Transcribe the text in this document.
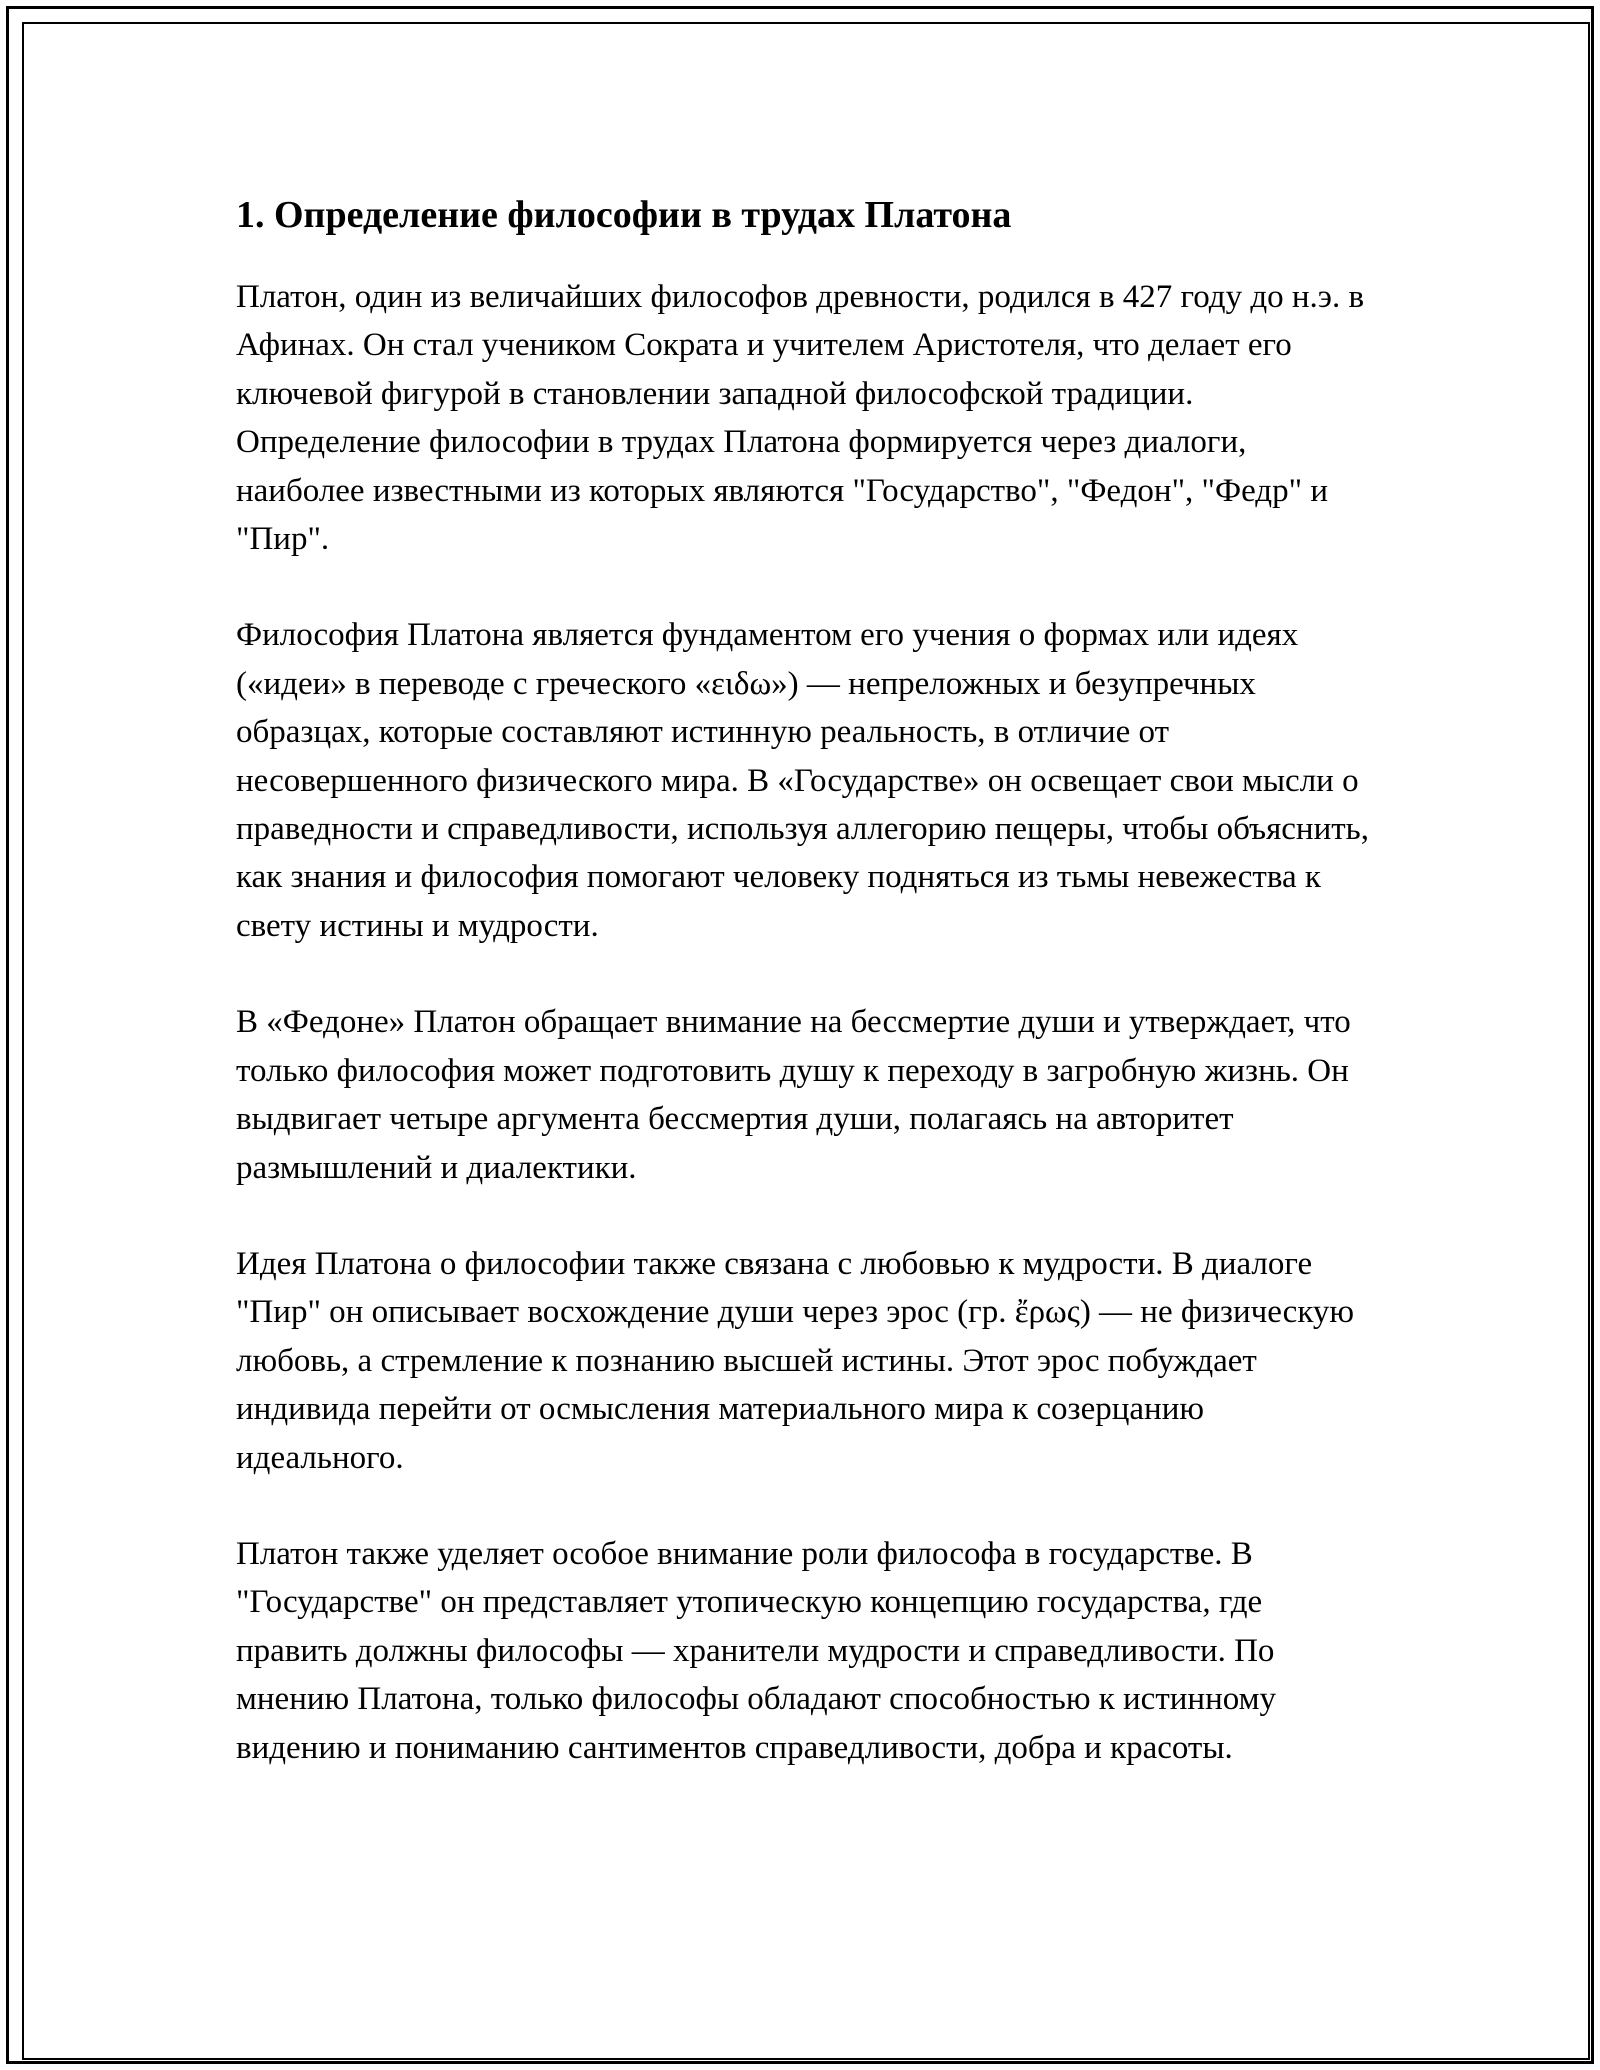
1. Определение философии в трудах Платона

Платон, один из величайших философов древности, родился в 427 году до н.э. в Афинах. Он стал учеником Сократа и учителем Аристотеля, что делает его ключевой фигурой в становлении западной философской традиции. Определение философии в трудах Платона формируется через диалоги, наиболее известными из которых являются "Государство", "Федон", "Федр" и "Пир".

Философия Платона является фундаментом его учения о формах или идеях («идеи» в переводе с греческого «ειδω») — непреложных и безупречных образцах, которые составляют истинную реальность, в отличие от несовершенного физического мира. В «Государстве» он освещает свои мысли о праведности и справедливости, используя аллегорию пещеры, чтобы объяснить, как знания и философия помогают человеку подняться из тьмы невежества к свету истины и мудрости.

В «Федоне» Платон обращает внимание на бессмертие души и утверждает, что только философия может подготовить душу к переходу в загробную жизнь. Он выдвигает четыре аргумента бессмертия души, полагаясь на авторитет размышлений и диалектики.

Идея Платона о философии также связана с любовью к мудрости. В диалоге "Пир" он описывает восхождение души через эрос (гр. ἔρως) — не физическую любовь, а стремление к познанию высшей истины. Этот эрос побуждает индивида перейти от осмысления материального мира к созерцанию идеального.

Платон также уделяет особое внимание роли философа в государстве. В "Государстве" он представляет утопическую концепцию государства, где править должны философы — хранители мудрости и справедливости. По мнению Платона, только философы обладают способностью к истинному видению и пониманию сантиментов справедливости, добра и красоты.
